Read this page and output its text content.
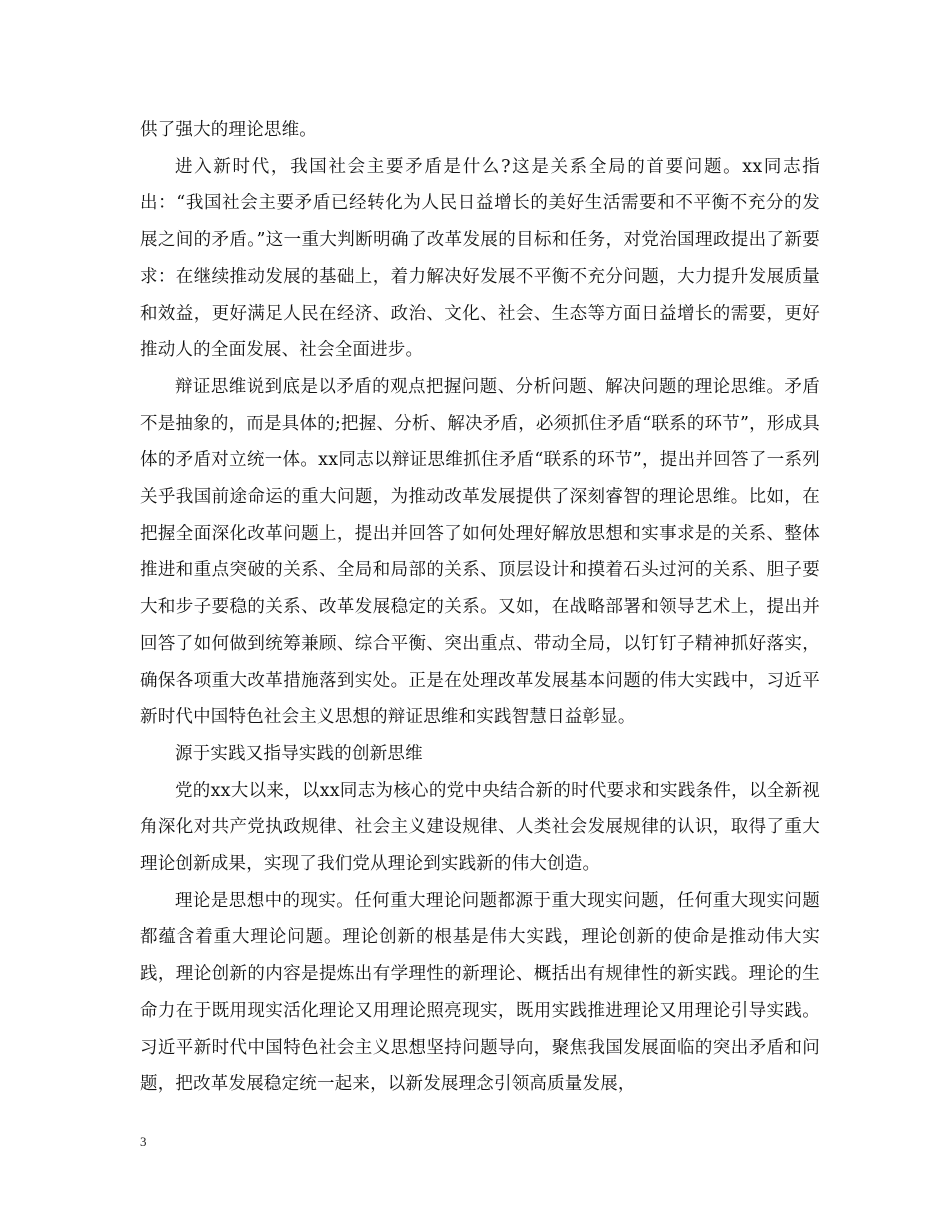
供了强大的理论思维。

进入新时代，我国社会主要矛盾是什么?这是关系全局的首要问题。xx同志指出：“我国社会主要矛盾已经转化为人民日益增长的美好生活需要和不平衡不充分的发展之间的矛盾。”这一重大判断明确了改革发展的目标和任务，对党治国理政提出了新要求：在继续推动发展的基础上，着力解决好发展不平衡不充分问题，大力提升发展质量和效益，更好满足人民在经济、政治、文化、社会、生态等方面日益增长的需要，更好推动人的全面发展、社会全面进步。

辩证思维说到底是以矛盾的观点把握问题、分析问题、解决问题的理论思维。矛盾不是抽象的，而是具体的;把握、分析、解决矛盾，必须抓住矛盾“联系的环节”，形成具体的矛盾对立统一体。xx同志以辩证思维抓住矛盾“联系的环节”，提出并回答了一系列关乎我国前途命运的重大问题，为推动改革发展提供了深刻睿智的理论思维。比如，在把握全面深化改革问题上，提出并回答了如何处理好解放思想和实事求是的关系、整体推进和重点突破的关系、全局和局部的关系、顶层设计和摸着石头过河的关系、胆子要大和步子要稳的关系、改革发展稳定的关系。又如，在战略部署和领导艺术上，提出并回答了如何做到统筹兼顾、综合平衡、突出重点、带动全局，以钉钉子精神抓好落实，确保各项重大改革措施落到实处。正是在处理改革发展基本问题的伟大实践中，习近平新时代中国特色社会主义思想的辩证思维和实践智慧日益彰显。

源于实践又指导实践的创新思维

党的xx大以来，以xx同志为核心的党中央结合新的时代要求和实践条件，以全新视角深化对共产党执政规律、社会主义建设规律、人类社会发展规律的认识，取得了重大理论创新成果，实现了我们党从理论到实践新的伟大创造。

理论是思想中的现实。任何重大理论问题都源于重大现实问题，任何重大现实问题都蕴含着重大理论问题。理论创新的根基是伟大实践，理论创新的使命是推动伟大实践，理论创新的内容是提炼出有学理性的新理论、概括出有规律性的新实践。理论的生命力在于既用现实活化理论又用理论照亮现实，既用实践推进理论又用理论引导实践。习近平新时代中国特色社会主义思想坚持问题导向，聚焦我国发展面临的突出矛盾和问题，把改革发展稳定统一起来，以新发展理念引领高质量发展，

3
